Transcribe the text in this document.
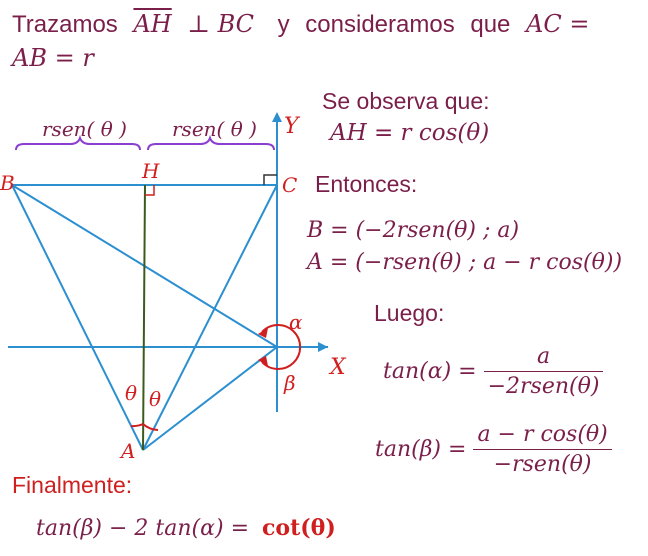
Trazamos $\overline{AH}$ ⊥ BC y consideramos que AC =
AB = r
rsen( θ ) rsen( θ )
B	H
C
A
X
Y
α
β
θ θ
Se observa que:
AH = r cos(θ)
Entonces:
B = (−2rsen(θ) ; a)
A = (−rsen(θ) ; a − r cos(θ))
Luego:
$\tan(\alpha) = \frac{a}{\text{−2rsen(θ)}}$
$\tan(\beta) = \frac{\text{a − r cos(θ)}}{\text{−rsen(θ)}}$
Finalmente:
tan(β) − 2 tan(α) = cot(θ)
